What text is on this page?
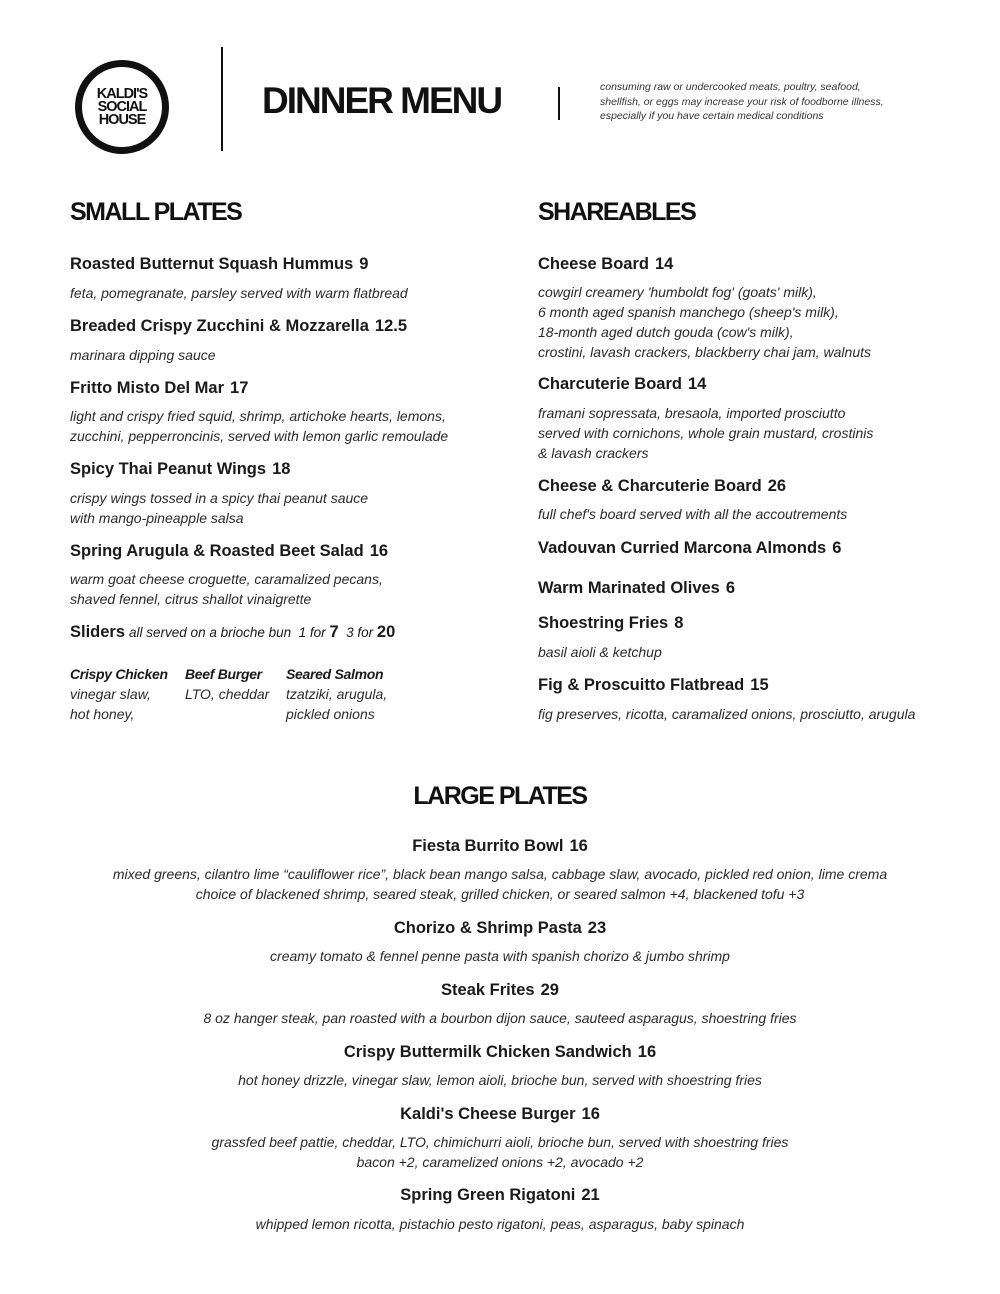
KALDI'S
SOCIAL
HOUSE	DINNER MENU	consuming raw or undercooked meats, poultry, seafood,
shellfish, or eggs may increase your risk of foodborne illness,
especially if you have certain medical conditions
SMALL PLATES
Roasted Butternut Squash Hummus 9
feta, pomegranate, parsley served with warm flatbread
Breaded Crispy Zucchini & Mozzarella 12.5
marinara dipping sauce
Fritto Misto Del Mar 17
light and crispy fried squid, shrimp, artichoke hearts, lemons,
zucchini, pepperroncinis, served with lemon garlic remoulade
Spicy Thai Peanut Wings 18
crispy wings tossed in a spicy thai peanut sauce
with mango-pineapple salsa
Spring Arugula & Roasted Beet Salad 16
warm goat cheese croguette, caramalized pecans,
shaved fennel, citrus shallot vinaigrette
Sliders all served on a brioche bun 1 for 7 3 for 20
Crispy Chicken
vinegar slaw,
hot honey,
Beef Burger
LTO, cheddar
Seared Salmon
tzatziki, arugula,
pickled onions
SHAREABLES
Cheese Board 14
cowgirl creamery 'humboldt fog' (goats' milk),
6 month aged spanish manchego (sheep's milk),
18-month aged dutch gouda (cow's milk),
crostini, lavash crackers, blackberry chai jam, walnuts
Charcuterie Board 14
framani sopressata, bresaola, imported prosciutto
served with cornichons, whole grain mustard, crostinis
& lavash crackers
Cheese & Charcuterie Board 26
full chef's board served with all the accoutrements
Vadouvan Curried Marcona Almonds 6
Warm Marinated Olives 6
Shoestring Fries 8
basil aioli & ketchup
Fig & Proscuitto Flatbread 15
fig preserves, ricotta, caramalized onions, prosciutto, arugula
LARGE PLATES
Fiesta Burrito Bowl 16
mixed greens, cilantro lime “cauliflower rice”, black bean mango salsa, cabbage slaw, avocado, pickled red onion, lime crema
choice of blackened shrimp, seared steak, grilled chicken, or seared salmon +4, blackened tofu +3
Chorizo & Shrimp Pasta 23
creamy tomato & fennel penne pasta with spanish chorizo & jumbo shrimp
Steak Frites 29
8 oz hanger steak, pan roasted with a bourbon dijon sauce, sauteed asparagus, shoestring fries
Crispy Buttermilk Chicken Sandwich 16
hot honey drizzle, vinegar slaw, lemon aioli, brioche bun, served with shoestring fries
Kaldi's Cheese Burger 16
grassfed beef pattie, cheddar, LTO, chimichurri aioli, brioche bun, served with shoestring fries
bacon +2, caramelized onions +2, avocado +2
Spring Green Rigatoni 21
whipped lemon ricotta, pistachio pesto rigatoni, peas, asparagus, baby spinach
